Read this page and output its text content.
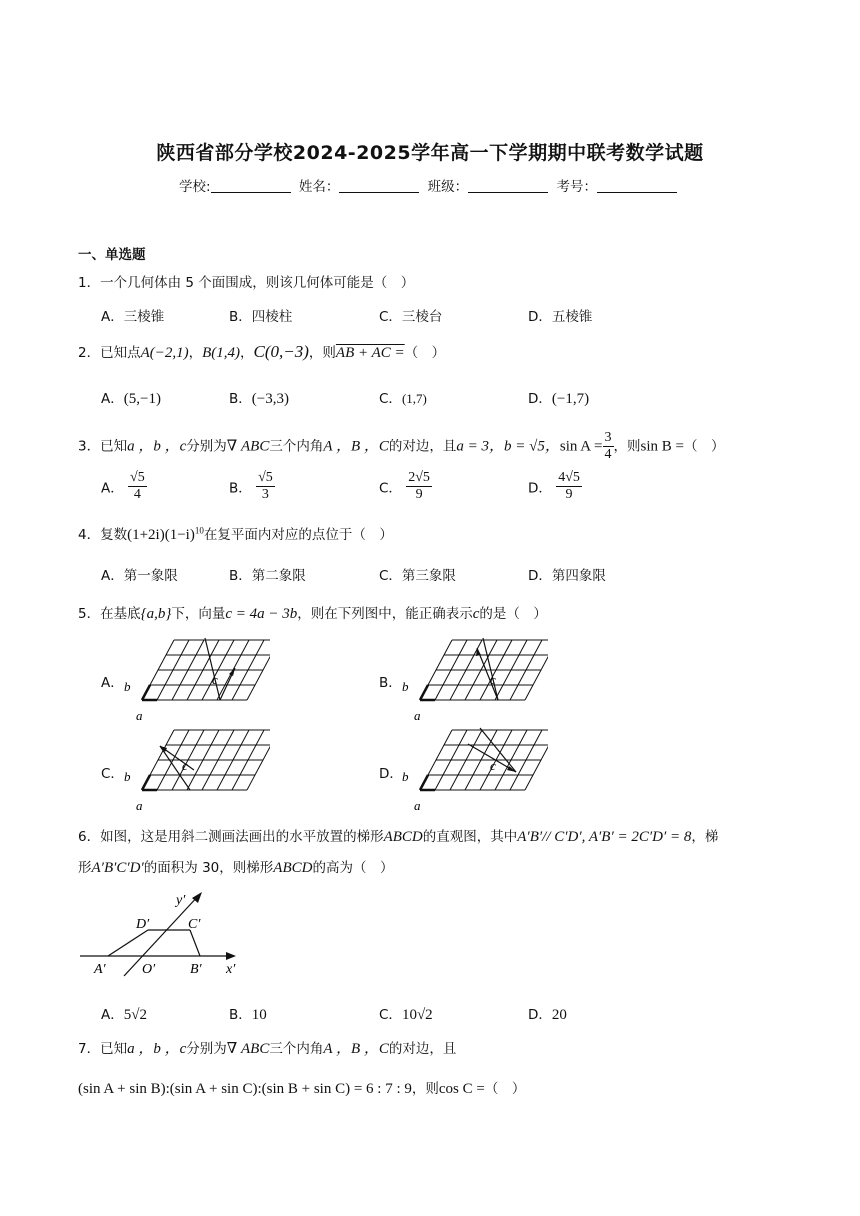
陕西省部分学校2024-2025学年高一下学期期中联考数学试题
学校:	姓名：	班级：	考号：
一、单选题
1．一个几何体由 5 个面围成，则该几何体可能是（　）
A．三棱锥	B．四棱柱	C．三棱台	D．五棱锥
2．已知点A(−2,1)，B(1,4)，C(0,−3)，则AB + AC =（　）
A．(5,−1)	B．(−3,3)	C．(1,7)	D．(−1,7)
3．已知a ，b ，c分别为∇ ABC三个内角A ，B ，C的对边，且a = 3，b = √5，$\sin A = \frac{3}{4}$ ，则sin B =（　）
A． $\frac{√5}{4}$	B． $\frac{√5}{3}$	C． $\frac{2√5}{9}$	D． $\frac{4√5}{9}$
4．复数$(1+2i)(1-i)^{10}$在复平面内对应的点位于（　）
A．第一象限	B．第二象限	C．第三象限	D．第四象限
5．在基底{a,b}下，向量c = 4a − 3b，则在下列图中，能正确表示c的是（　）
A．	B．
C．	D．
c
b
a
c
b
a
c
b
a
c
b
a
6．如图，这是用斜二测画法画出的水平放置的梯形ABCD的直观图，其中A′B′// C′D′, A′B′ = 2C′D′ = 8，梯
形A′B′C′D′的面积为 30，则梯形ABCD的高为（　）
y′
D′	C′
A′	O′ B′ x′
A．5√2	B．10	C．10√2	D．20
7．已知a ，b ，c分别为∇ ABC三个内角A ，B ，C的对边，且
(sin A + sin B):(sin A + sin C):(sin B + sin C) = 6 : 7 : 9，则cos C =（　）
